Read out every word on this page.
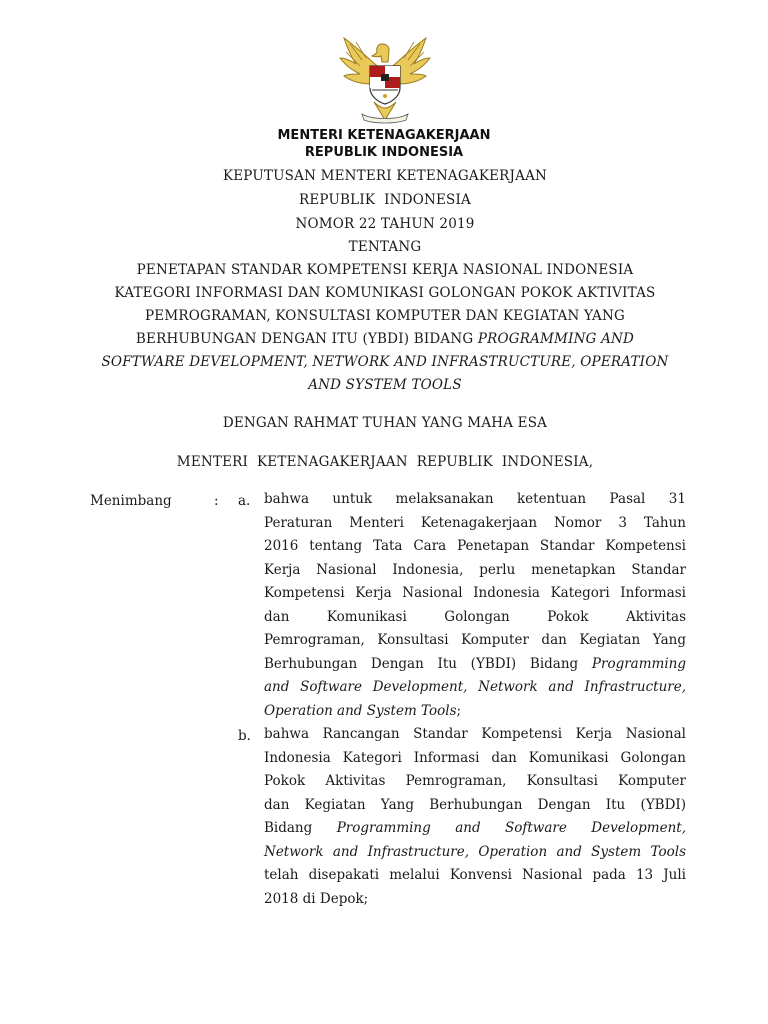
MENTERI KETENAGAKERJAAN
REPUBLIK INDONESIA
KEPUTUSAN MENTERI KETENAGAKERJAAN
REPUBLIK  INDONESIA
NOMOR 22 TAHUN 2019
TENTANG
PENETAPAN STANDAR KOMPETENSI KERJA NASIONAL INDONESIA
KATEGORI INFORMASI DAN KOMUNIKASI GOLONGAN POKOK AKTIVITAS
PEMROGRAMAN, KONSULTASI KOMPUTER DAN KEGIATAN YANG
BERHUBUNGAN DENGAN ITU (YBDI) BIDANG PROGRAMMING AND
SOFTWARE DEVELOPMENT, NETWORK AND INFRASTRUCTURE, OPERATION
AND SYSTEM TOOLS
DENGAN RAHMAT TUHAN YANG MAHA ESA
MENTERI  KETENAGAKERJAAN  REPUBLIK  INDONESIA,
Menimbang	: a. bahwa untuk melaksanakan ketentuan Pasal 31
Peraturan Menteri Ketenagakerjaan Nomor 3 Tahun
2016 tentang Tata Cara Penetapan Standar Kompetensi
Kerja Nasional Indonesia, perlu menetapkan Standar
Kompetensi Kerja Nasional Indonesia Kategori Informasi
dan Komunikasi Golongan Pokok Aktivitas
Pemrograman, Konsultasi Komputer dan Kegiatan Yang
Berhubungan Dengan Itu (YBDI) Bidang Programming
and Software Development, Network and Infrastructure,
Operation and System Tools;
b. bahwa Rancangan Standar Kompetensi Kerja Nasional
Indonesia Kategori Informasi dan Komunikasi Golongan
Pokok Aktivitas Pemrograman, Konsultasi Komputer
dan Kegiatan Yang Berhubungan Dengan Itu (YBDI)
Bidang Programming and Software Development,
Network and Infrastructure, Operation and System Tools
telah disepakati melalui Konvensi Nasional pada 13 Juli
2018 di Depok;
